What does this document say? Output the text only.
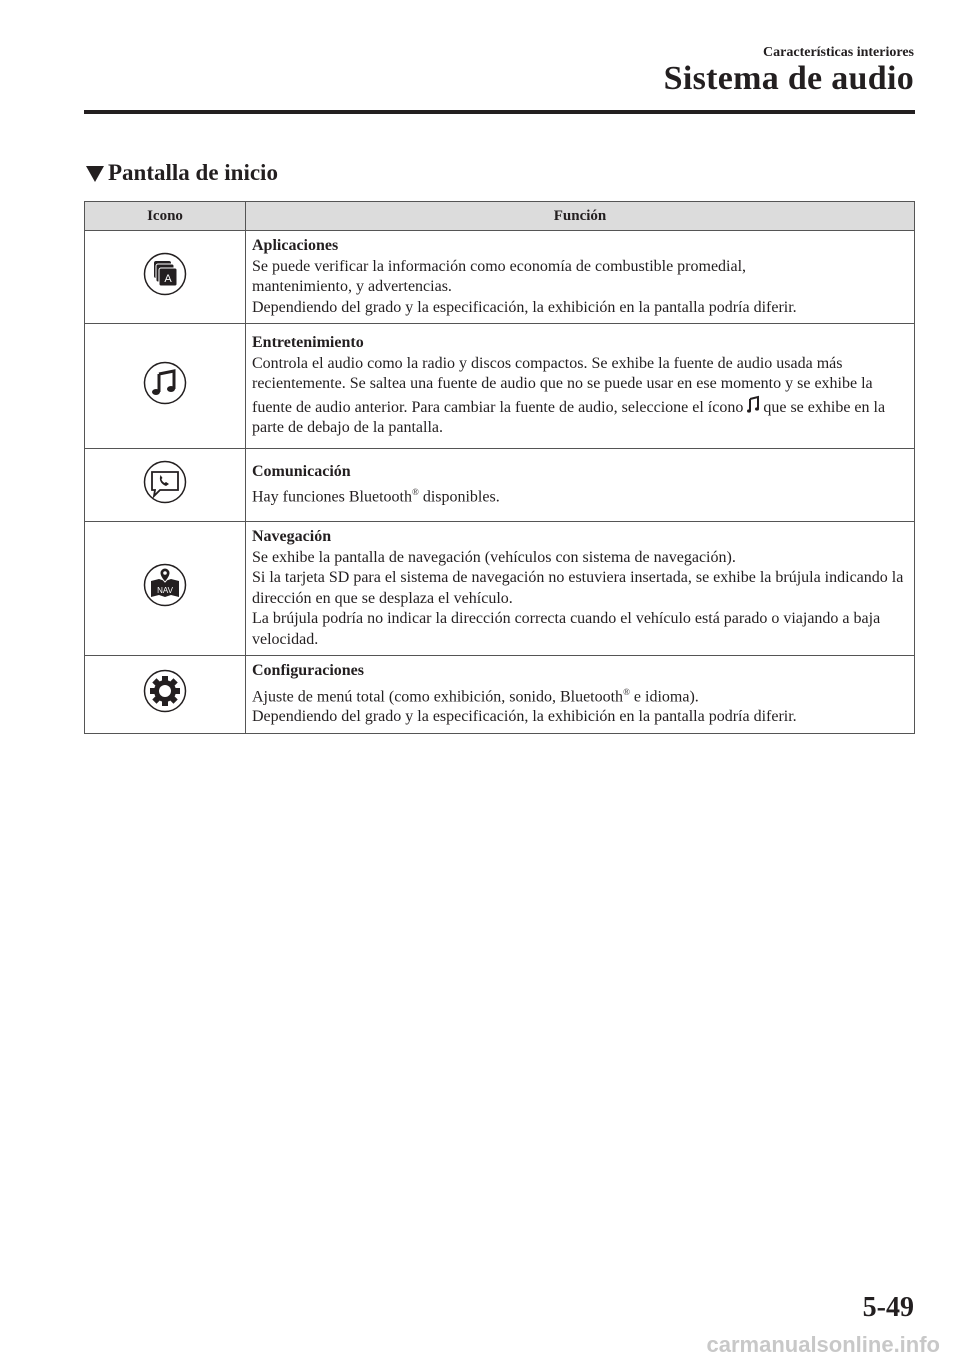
Características interiores
Sistema de audio
Pantalla de inicio
Icono	Función

A	Aplicaciones
Se puede verificar la información como economía de combustible promedial,
mantenimiento, y advertencias.
Dependiendo del grado y la especificación, la exhibición en la pantalla podría diferir.

Entretenimiento
Controla el audio como la radio y discos compactos. Se exhibe la fuente de audio usada más recientemente. Se saltea una fuente de audio que no se puede usar en ese momento y se exhibe la fuente de audio anterior. Para cambiar la fuente de audio, seleccione el ícono que se exhibe en la parte de debajo de la pantalla.

Comunicación
Hay funciones Bluetooth® disponibles.

NAV	Navegación
Se exhibe la pantalla de navegación (vehículos con sistema de navegación).
Si la tarjeta SD para el sistema de navegación no estuviera insertada, se exhibe la brújula indicando la dirección en que se desplaza el vehículo.
La brújula podría no indicar la dirección correcta cuando el vehículo está parado o viajando a baja velocidad.

Configuraciones
Ajuste de menú total (como exhibición, sonido, Bluetooth® e idioma).
Dependiendo del grado y la especificación, la exhibición en la pantalla podría diferir.
5-49
carmanualsonline.info
